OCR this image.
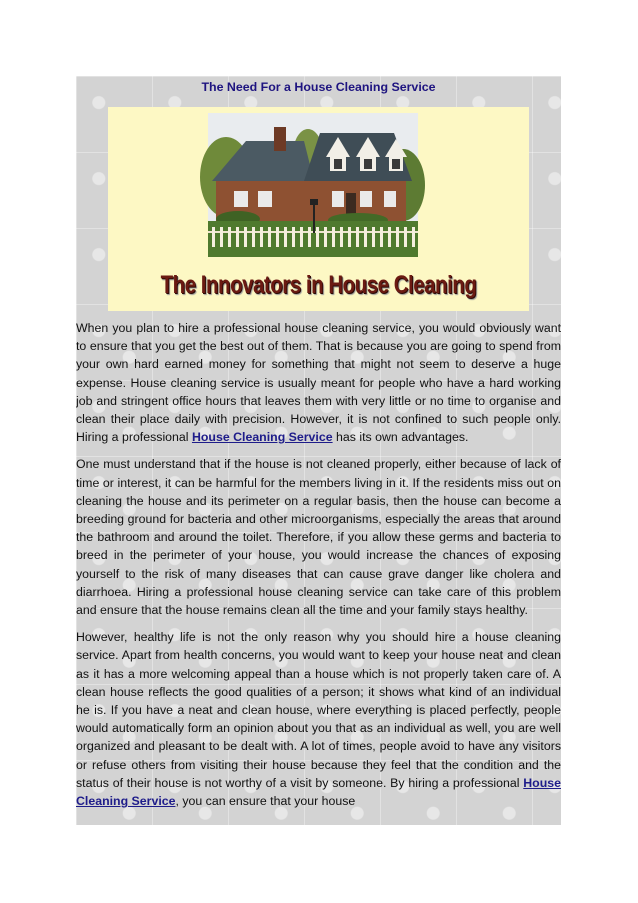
The Need For a House Cleaning Service
The Innovators in House Cleaning

When you plan to hire a professional house cleaning service, you would obviously want to ensure that you get the best out of them. That is because you are going to spend from your own hard earned money for something that might not seem to deserve a huge expense. House cleaning service is usually meant for people who have a hard working job and stringent office hours that leaves them with very little or no time to organise and clean their place daily with precision. However, it is not confined to such people only. Hiring a professional House Cleaning Service has its own advantages.

One must understand that if the house is not cleaned properly, either because of lack of time or interest, it can be harmful for the members living in it. If the residents miss out on cleaning the house and its perimeter on a regular basis, then the house can become a breeding ground for bacteria and other microorganisms, especially the areas that around the bathroom and around the toilet. Therefore, if you allow these germs and bacteria to breed in the perimeter of your house, you would increase the chances of exposing yourself to the risk of many diseases that can cause grave danger like cholera and diarrhoea. Hiring a professional house cleaning service can take care of this problem and ensure that the house remains clean all the time and your family stays healthy.

However, healthy life is not the only reason why you should hire a house cleaning service. Apart from health concerns, you would want to keep your house neat and clean as it has a more welcoming appeal than a house which is not properly taken care of. A clean house reflects the good qualities of a person; it shows what kind of an individual he is. If you have a neat and clean house, where everything is placed perfectly, people would automatically form an opinion about you that as an individual as well, you are well organized and pleasant to be dealt with. A lot of times, people avoid to have any visitors or refuse others from visiting their house because they feel that the condition and the status of their house is not worthy of a visit by someone. By hiring a professional House Cleaning Service, you can ensure that your house
